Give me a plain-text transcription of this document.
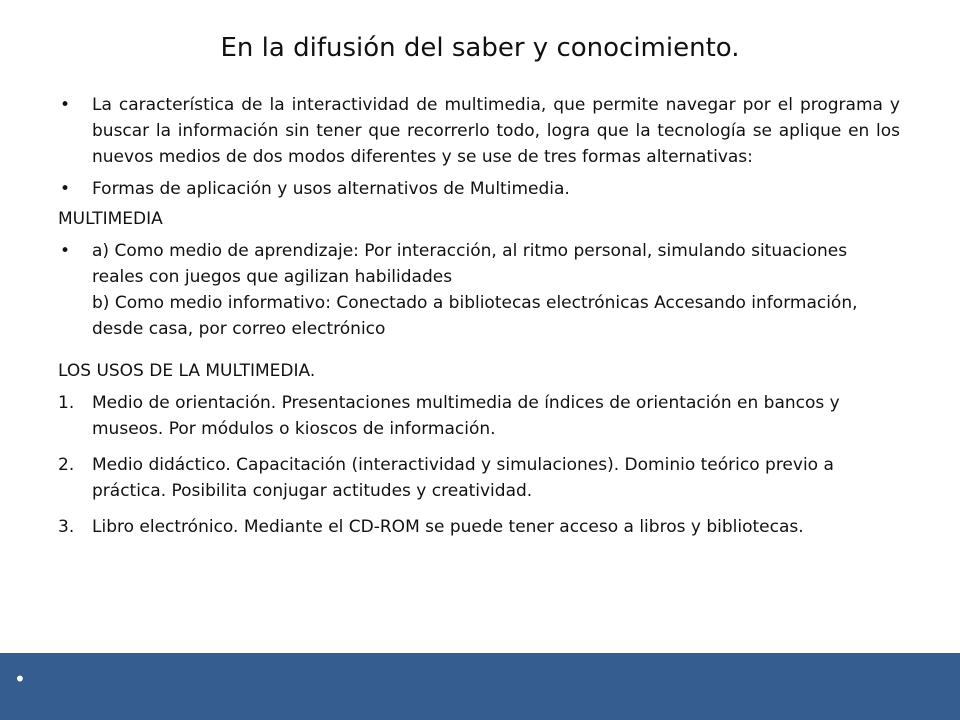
En la difusión del saber y conocimiento.
• La característica de la interactividad de multimedia, que permite navegar por el programa y buscar la información sin tener que recorrerlo todo, logra que la tecnología se aplique en los nuevos medios de dos modos diferentes y se use de tres formas alternativas:
• Formas de aplicación y usos alternativos de Multimedia.
MULTIMEDIA
• a) Como medio de aprendizaje: Por interacción, al ritmo personal, simulando situaciones reales con juegos que agilizan habilidades
b) Como medio informativo: Conectado a bibliotecas electrónicas Accesando información, desde casa, por correo electrónico
LOS USOS DE LA MULTIMEDIA.
1. Medio de orientación. Presentaciones multimedia de índices de orientación en bancos y museos. Por módulos o kioscos de información.
2. Medio didáctico. Capacitación (interactividad y simulaciones). Dominio teórico previo a práctica. Posibilita conjugar actitudes y creatividad.
3. Libro electrónico. Mediante el CD-ROM se puede tener acceso a libros y bibliotecas.
•
